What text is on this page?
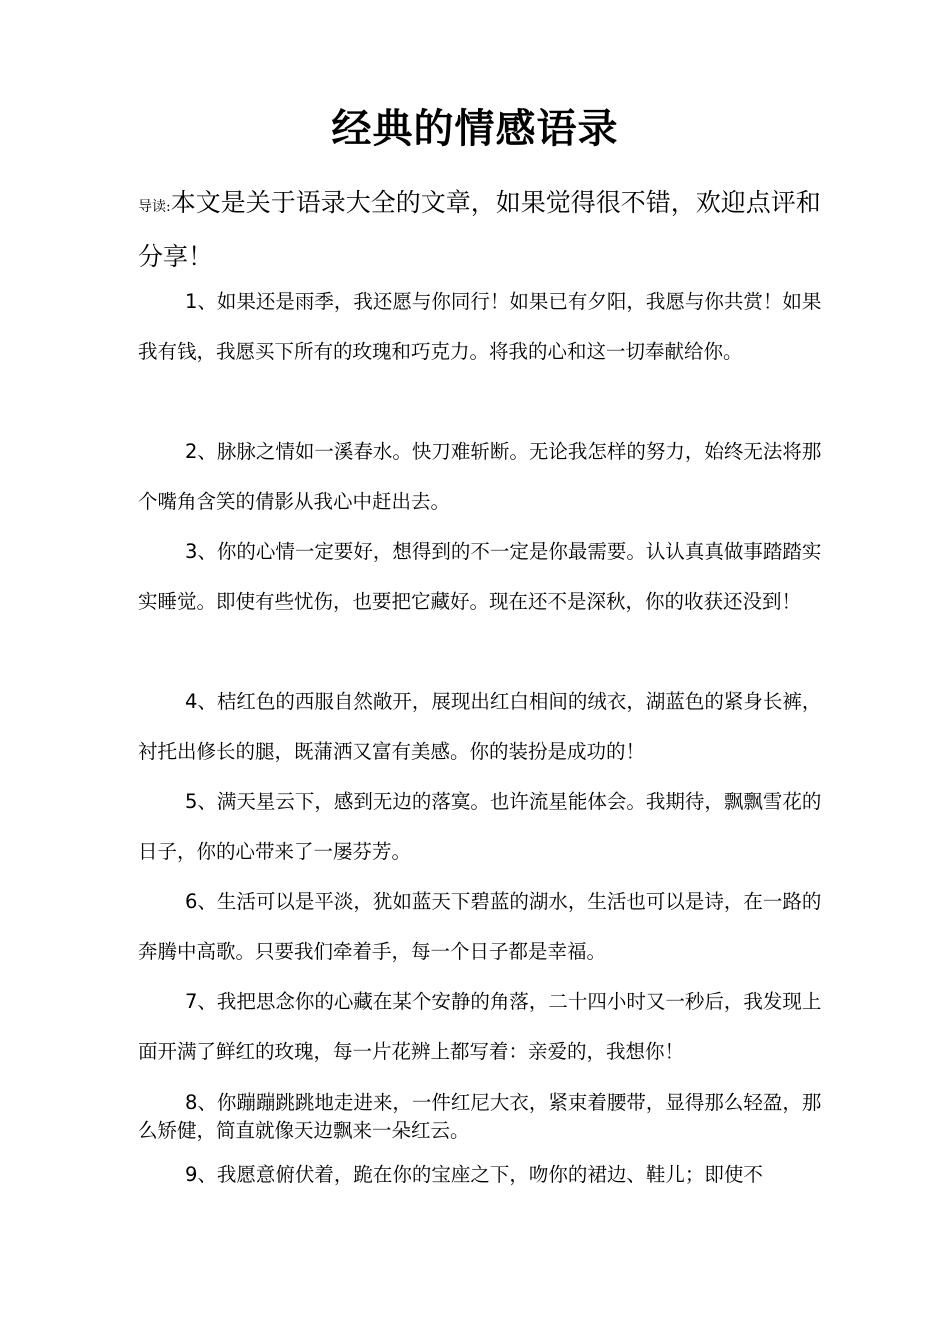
经典的情感语录
导读:本文是关于语录大全的文章，如果觉得很不错，欢迎点评和分享！

1、如果还是雨季，我还愿与你同行！如果已有夕阳，我愿与你共赏！如果我有钱，我愿买下所有的玫瑰和巧克力。将我的心和这一切奉献给你。

2、脉脉之情如一溪春水。快刀难斩断。无论我怎样的努力，始终无法将那个嘴角含笑的倩影从我心中赶出去。

3、你的心情一定要好，想得到的不一定是你最需要。认认真真做事踏踏实实睡觉。即使有些忧伤，也要把它藏好。现在还不是深秋，你的收获还没到！

4、桔红色的西服自然敞开，展现出红白相间的绒衣，湖蓝色的紧身长裤，衬托出修长的腿，既蒲洒又富有美感。你的装扮是成功的！

5、满天星云下，感到无边的落寞。也许流星能体会。我期待，飘飘雪花的日子，你的心带来了一屡芬芳。

6、生活可以是平淡，犹如蓝天下碧蓝的湖水，生活也可以是诗，在一路的奔腾中高歌。只要我们牵着手，每一个日子都是幸福。

7、我把思念你的心藏在某个安静的角落，二十四小时又一秒后，我发现上面开满了鲜红的玫瑰，每一片花辨上都写着：亲爱的，我想你！

8、你蹦蹦跳跳地走进来，一件红尼大衣，紧束着腰带，显得那么轻盈，那么矫健，简直就像天边飘来一朵红云。

9、我愿意俯伏着，跪在你的宝座之下，吻你的裙边、鞋儿；即使不
